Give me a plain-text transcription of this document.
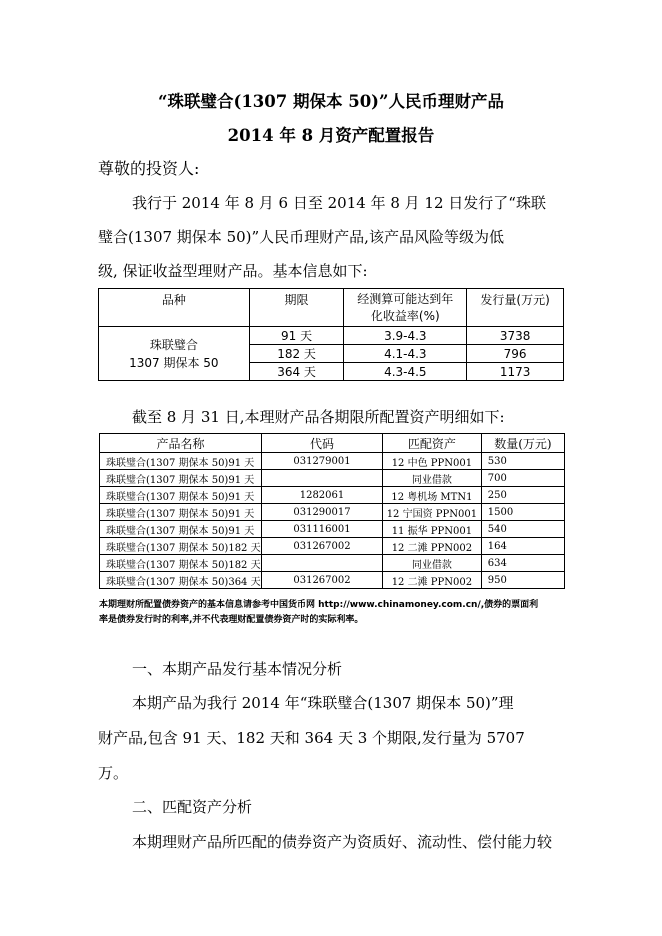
“珠联璧合(1307 期保本 50)”人民币理财产品
2014 年 8 月资产配置报告
尊敬的投资人:
我行于 2014 年 8 月 6 日至 2014 年 8 月 12 日发行了“珠联
璧合(1307 期保本 50)”人民币理财产品,该产品风险等级为低
级, 保证收益型理财产品。基本信息如下:
品种	期限	经测算可能达到年
化收益率(%)	发行量(万元)

珠联璧合
1307 期保本 50	91 天	3.9-4.3	3738
	182 天	4.1-4.3	796
	364 天	4.3-4.5	1173
截至 8 月 31 日,本理财产品各期限所配置资产明细如下:
产品名称	代码	匹配资产	数量(万元)
珠联璧合(1307 期保本 50)91 天	031279001	12 中色 PPN001	530
珠联璧合(1307 期保本 50)91 天		同业借款	700
珠联璧合(1307 期保本 50)91 天	1282061	12 粤机场 MTN1	250
珠联璧合(1307 期保本 50)91 天	031290017	12 宁国资 PPN001	1500
珠联璧合(1307 期保本 50)91 天	031116001	11 振华 PPN001	540
珠联璧合(1307 期保本 50)182 天	031267002	12 二滩 PPN002	164
珠联璧合(1307 期保本 50)182 天		同业借款	634
珠联璧合(1307 期保本 50)364 天	031267002	12 二滩 PPN002	950
本期理财所配置债券资产的基本信息请参考中国货币网 http://www.chinamoney.com.cn/,债券的票面利
率是债券发行时的利率,并不代表理财配置债券资产时的实际利率。
一、本期产品发行基本情况分析
本期产品为我行 2014 年“珠联璧合(1307 期保本 50)”理
财产品,包含 91 天、182 天和 364 天 3 个期限,发行量为 5707
万。
二、匹配资产分析
本期理财产品所匹配的债券资产为资质好、流动性、偿付能力较
